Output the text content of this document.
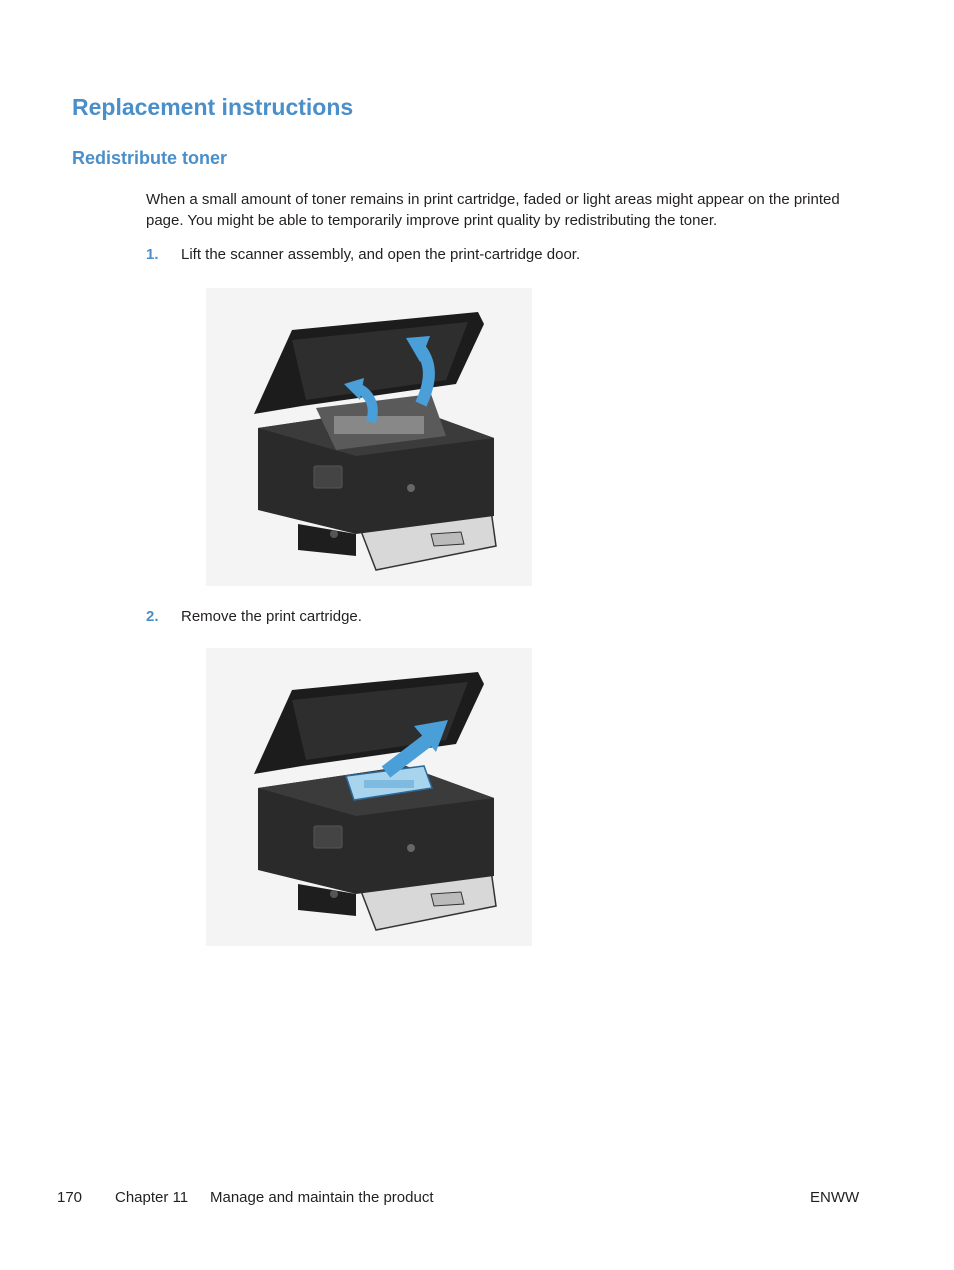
Replacement instructions
Redistribute toner

When a small amount of toner remains in print cartridge, faded or light areas might appear on the printed page. You might be able to temporarily improve print quality by redistributing the toner.

1. Lift the scanner assembly, and open the print-cartridge door.
2. Remove the print cartridge.
170 Chapter 11 Manage and maintain the product	ENWW
